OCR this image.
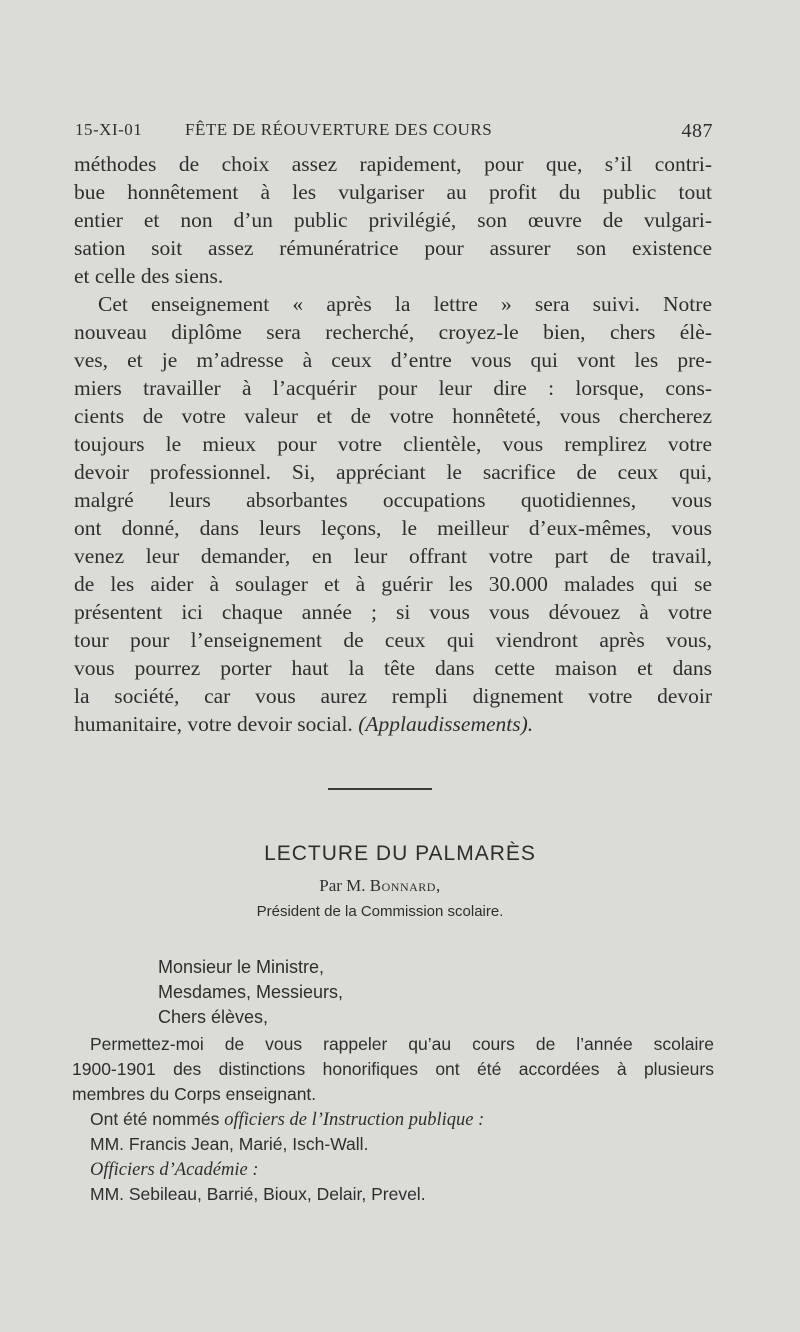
15-XI-01	FÊTE DE RÉOUVERTURE DES COURS	487
méthodes de choix assez rapidement, pour que, s’il contri-
bue honnêtement à les vulgariser au profit du public tout
entier et non d’un public privilégié, son œuvre de vulgari-
sation soit assez rémunératrice pour assurer son existence
et celle des siens.
Cet enseignement « après la lettre » sera suivi. Notre
nouveau diplôme sera recherché, croyez-le bien, chers élè-
ves, et je m’adresse à ceux d’entre vous qui vont les pre-
miers travailler à l’acquérir pour leur dire : lorsque, cons-
cients de votre valeur et de votre honnêteté, vous chercherez
toujours le mieux pour votre clientèle, vous remplirez votre
devoir professionnel. Si, appréciant le sacrifice de ceux qui,
malgré leurs absorbantes occupations quotidiennes, vous
ont donné, dans leurs leçons, le meilleur d’eux-mêmes, vous
venez leur demander, en leur offrant votre part de travail,
de les aider à soulager et à guérir les 30.000 malades qui se
présentent ici chaque année ; si vous vous dévouez à votre
tour pour l’enseignement de ceux qui viendront après vous,
vous pourrez porter haut la tête dans cette maison et dans
la société, car vous aurez rempli dignement votre devoir
humanitaire, votre devoir social. (Applaudissements).
LECTURE DU PALMARÈS
Par M. Bonnard,
Président de la Commission scolaire.
Monsieur le Ministre,
Mesdames, Messieurs,
Chers élèves,
Permettez-moi de vous rappeler qu’au cours de l’année scolaire
1900-1901 des distinctions honorifiques ont été accordées à plusieurs
membres du Corps enseignant.
Ont été nommés officiers de l’Instruction publique :
MM. Francis Jean, Marié, Isch-Wall.
Officiers d’Académie :
MM. Sebileau, Barrié, Bioux, Delair, Prevel.
